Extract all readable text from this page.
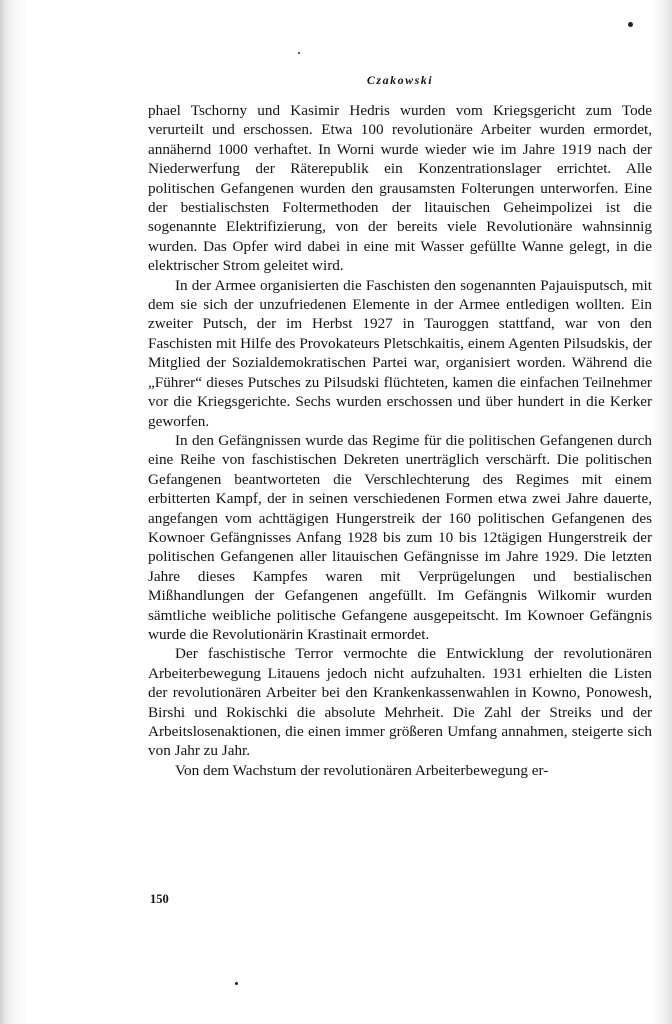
Czakowski

phael Tschorny und Kasimir Hedris wurden vom Kriegsgericht zum Tode verurteilt und erschossen. Etwa 100 revolutionäre Arbeiter wurden ermordet, annähernd 1000 verhaftet. In Worni wurde wieder wie im Jahre 1919 nach der Niederwerfung der Räterepublik ein Konzentrationslager errichtet. Alle politischen Gefangenen wurden den grausamsten Folterungen unterworfen. Eine der bestialischsten Foltermethoden der litauischen Geheimpolizei ist die sogenannte Elektrifizierung, von der bereits viele Revolutionäre wahnsinnig wurden. Das Opfer wird dabei in eine mit Wasser gefüllte Wanne gelegt, in die elektrischer Strom geleitet wird.

In der Armee organisierten die Faschisten den sogenannten Pajauisputsch, mit dem sie sich der unzufriedenen Elemente in der Armee entledigen wollten. Ein zweiter Putsch, der im Herbst 1927 in Tauroggen stattfand, war von den Faschisten mit Hilfe des Provokateurs Pletschkaitis, einem Agenten Pilsudskis, der Mitglied der Sozialdemokratischen Partei war, organisiert worden. Während die „Führer“ dieses Putsches zu Pilsudski flüchteten, kamen die einfachen Teilnehmer vor die Kriegsgerichte. Sechs wurden erschossen und über hundert in die Kerker geworfen.

In den Gefängnissen wurde das Regime für die politischen Gefangenen durch eine Reihe von faschistischen Dekreten unerträglich verschärft. Die politischen Gefangenen beantworteten die Verschlechterung des Regimes mit einem erbitterten Kampf, der in seinen verschiedenen Formen etwa zwei Jahre dauerte, angefangen vom achttägigen Hungerstreik der 160 politischen Gefangenen des Kownoer Gefängnisses Anfang 1928 bis zum 10 bis 12tägigen Hungerstreik der politischen Gefangenen aller litauischen Gefängnisse im Jahre 1929. Die letzten Jahre dieses Kampfes waren mit Verprügelungen und bestialischen Mißhandlungen der Gefangenen angefüllt. Im Gefängnis Wilkomir wurden sämtliche weibliche politische Gefangene ausgepeitscht. Im Kownoer Gefängnis wurde die Revolutionärin Krastinait ermordet.

Der faschistische Terror vermochte die Entwicklung der revolutionären Arbeiterbewegung Litauens jedoch nicht aufzuhalten. 1931 erhielten die Listen der revolutionären Arbeiter bei den Krankenkassenwahlen in Kowno, Ponowesh, Birshi und Rokischki die absolute Mehrheit. Die Zahl der Streiks und der Arbeitslosenaktionen, die einen immer größeren Umfang annahmen, steigerte sich von Jahr zu Jahr.

Von dem Wachstum der revolutionären Arbeiterbewegung er-

150
